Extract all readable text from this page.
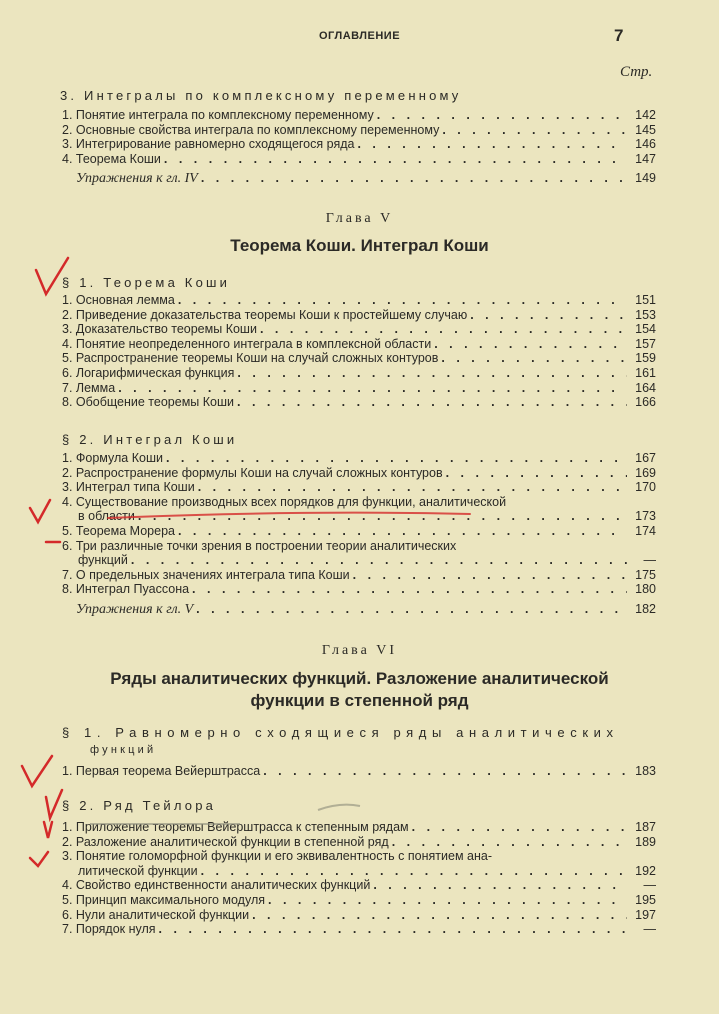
ОГЛАВЛЕНИЕ	7
Стр.
3. Интегралы по комплексному переменному
1. Понятие интеграла по комплексному переменному . . .	142
2. Основные свойства интеграла по комплексному переменному . . .	145
3. Интегрирование равномерно сходящегося ряда . . .	146
4. Теорема Коши . . .	147
Упражнения к гл. IV . . .	149
Глава V
Теорема Коши. Интеграл Коши
§ 1. Теорема Коши
1. Основная лемма . . .	151
2. Приведение доказательства теоремы Коши к простейшему случаю . . .	153
3. Доказательство теоремы Коши . . .	154
4. Понятие неопределенного интеграла в комплексной области . . .	157
5. Распространение теоремы Коши на случай сложных контуров . . .	159
6. Логарифмическая функция . . .	161
7. Лемма . . .	164
8. Обобщение теоремы Коши . . .	166
§ 2. Интеграл Коши
1. Формула Коши . . .	167
2. Распространение формулы Коши на случай сложных контуров . . .	169
3. Интеграл типа Коши . . .	170
4. Существование производных всех порядков для функции, аналитической
в области . . .	173
5. Теорема Морера . . .	174
6. Три различные точки зрения в построении теории аналитических
функций . . .	—
7. О предельных значениях интеграла типа Коши . . .	175
8. Интеграл Пуассона . . .	180
Упражнения к гл. V . . .	182
Глава VI
Ряды аналитических функций. Разложение аналитической
функции в степенной ряд
§ 1. Равномерно сходящиеся ряды аналитических
функций
1. Первая теорема Вейерштрасса . . .	183
§ 2. Ряд Тейлора
1. Приложение теоремы Вейерштрасса к степенным рядам . . .	187
2. Разложение аналитической функции в степенной ряд . . .	189
3. Понятие голоморфной функции и его эквивалентность с понятием ана-
литической функции . . .	192
4. Свойство единственности аналитических функций . . .	—
5. Принцип максимального модуля . . .	195
6. Нули аналитической функции . . .	197
7. Порядок нуля . . .	—
